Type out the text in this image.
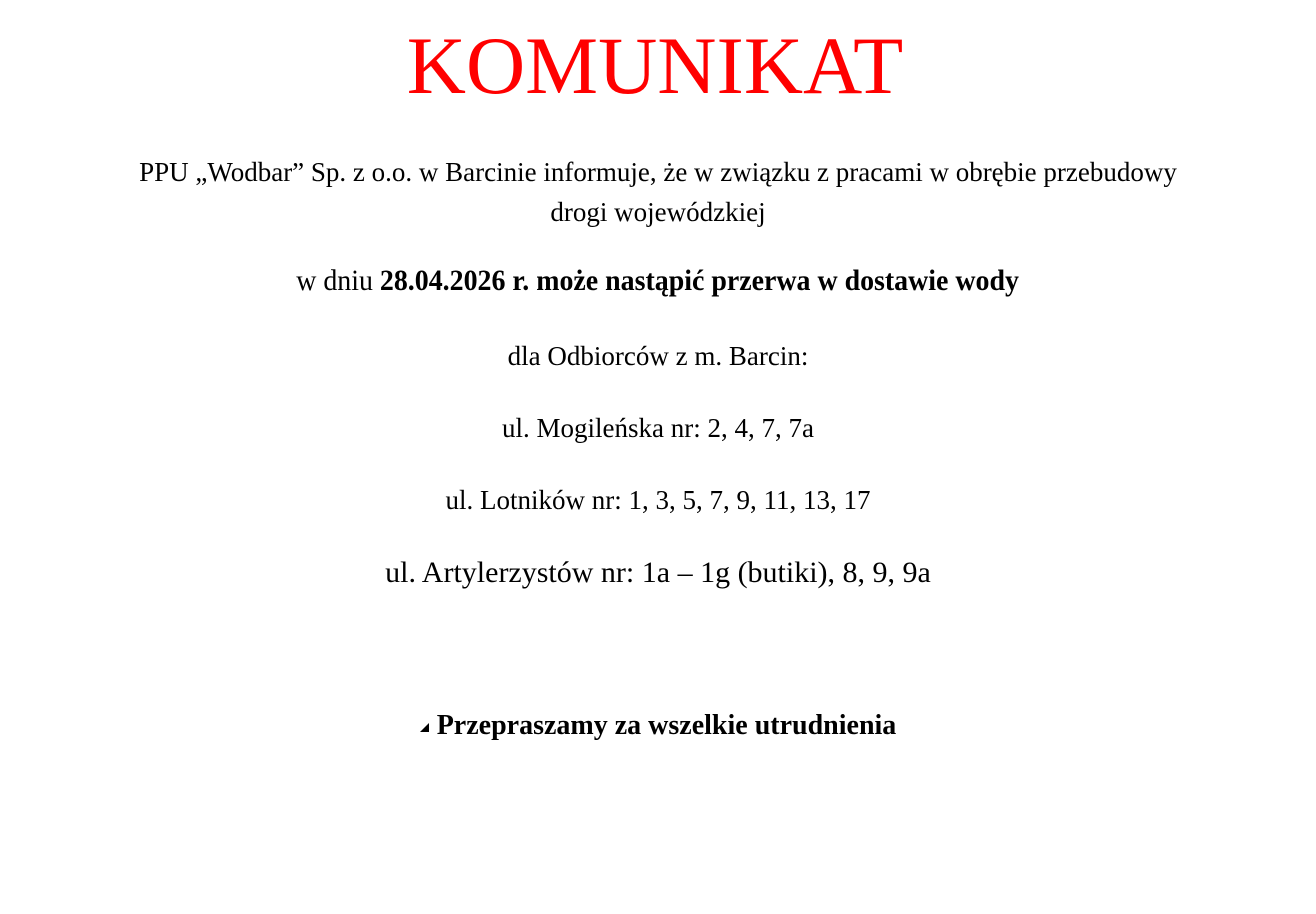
KOMUNIKAT
PPU „Wodbar” Sp. z o.o. w Barcinie informuje, że w związku z pracami w obrębie przebudowy
drogi wojewódzkiej
w dniu 28.04.2026 r. może nastąpić przerwa w dostawie wody
dla Odbiorców z m. Barcin:
ul. Mogileńska nr: 2, 4, 7, 7a
ul. Lotników nr: 1, 3, 5, 7, 9, 11, 13, 17
ul. Artylerzystów nr: 1a – 1g (butiki), 8, 9, 9a
Przepraszamy za wszelkie utrudnienia
